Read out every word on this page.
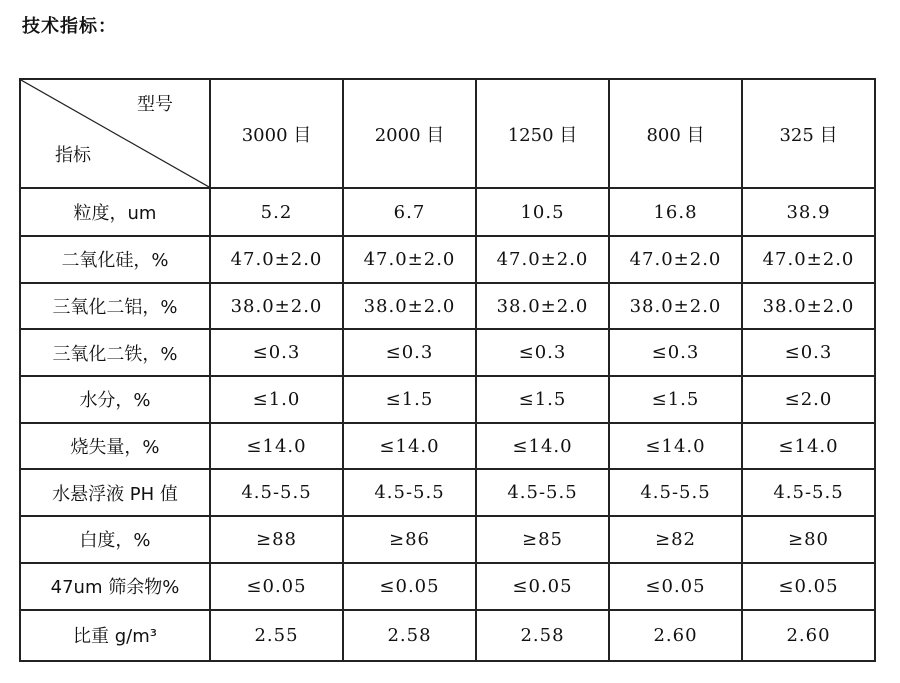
技术指标：
型号
指标	3000 目	2000 目	1250 目	800 目	325 目
粒度，um	5.2	6.7	10.5	16.8	38.9
二氧化硅，%	47.0±2.0	47.0±2.0	47.0±2.0	47.0±2.0	47.0±2.0
三氧化二铝，%	38.0±2.0	38.0±2.0	38.0±2.0	38.0±2.0	38.0±2.0
三氧化二铁，%	≤0.3	≤0.3	≤0.3	≤0.3	≤0.3
水分，%	≤1.0	≤1.5	≤1.5	≤1.5	≤2.0
烧失量，%	≤14.0	≤14.0	≤14.0	≤14.0	≤14.0
水悬浮液 PH 值	4.5-5.5	4.5-5.5	4.5-5.5	4.5-5.5	4.5-5.5
白度，%	≥88	≥86	≥85	≥82	≥80
47um 筛余物%	≤0.05	≤0.05	≤0.05	≤0.05	≤0.05
比重 g/m³	2.55	2.58	2.58	2.60	2.60
